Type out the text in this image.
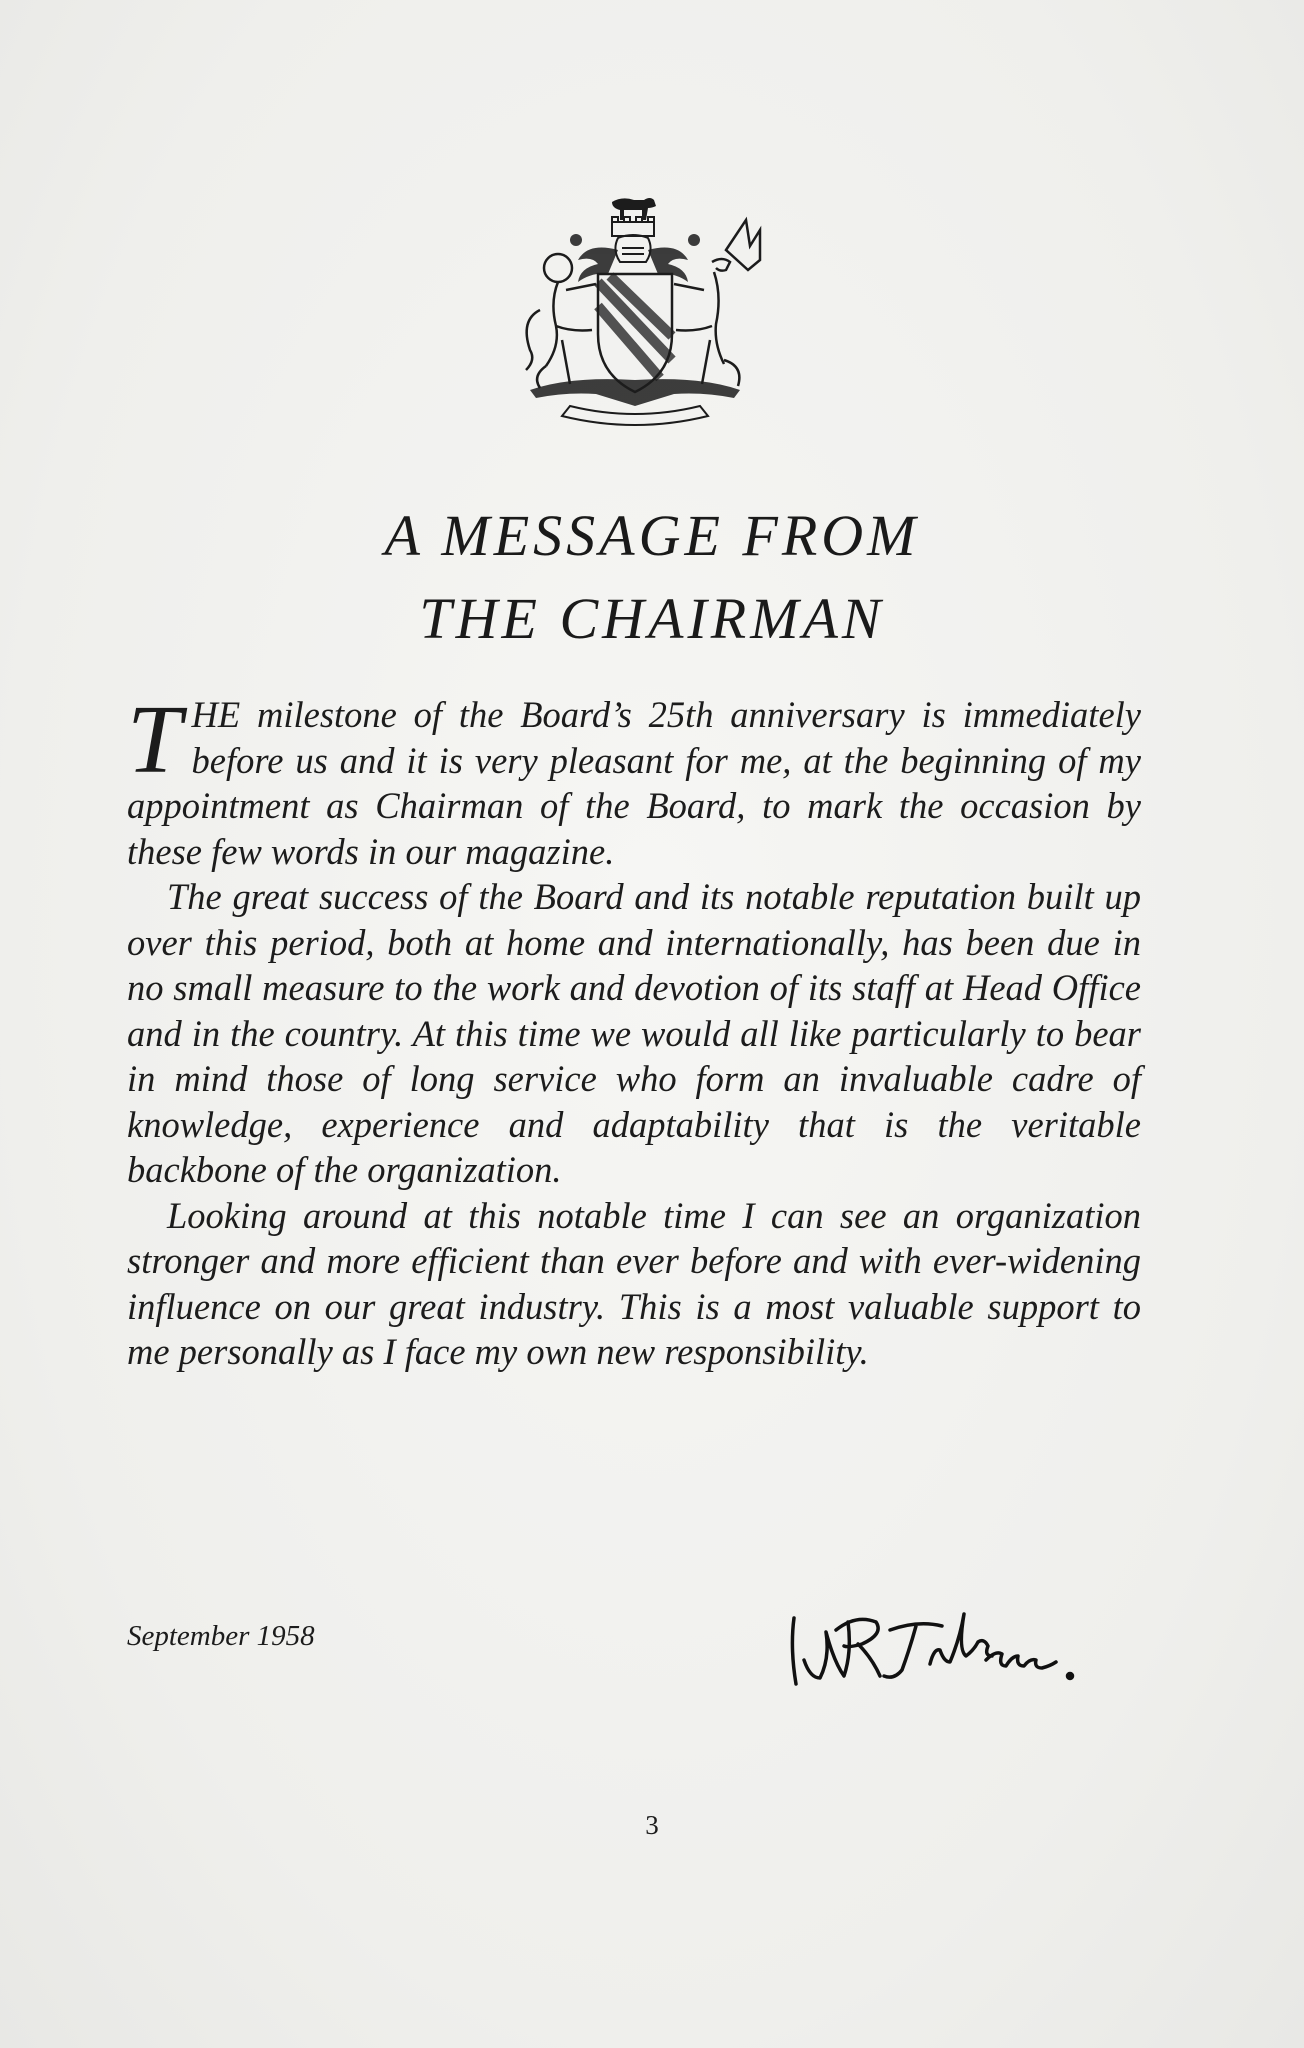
A MESSAGE FROM
THE CHAIRMAN

THE milestone of the Board’s 25th anniversary is immediately before us and it is very pleasant for me, at the beginning of my appointment as Chairman of the Board, to mark the occasion by these few words in our magazine.

The great success of the Board and its notable reputation built up over this period, both at home and internationally, has been due in no small measure to the work and devotion of its staff at Head Office and in the country. At this time we would all like particularly to bear in mind those of long service who form an invaluable cadre of knowledge, experience and adaptability that is the veritable backbone of the organization.

Looking around at this notable time I can see an organization stronger and more efficient than ever before and with ever-widening influence on our great industry. This is a most valuable support to me personally as I face my own new responsibility.

September 1958
3
